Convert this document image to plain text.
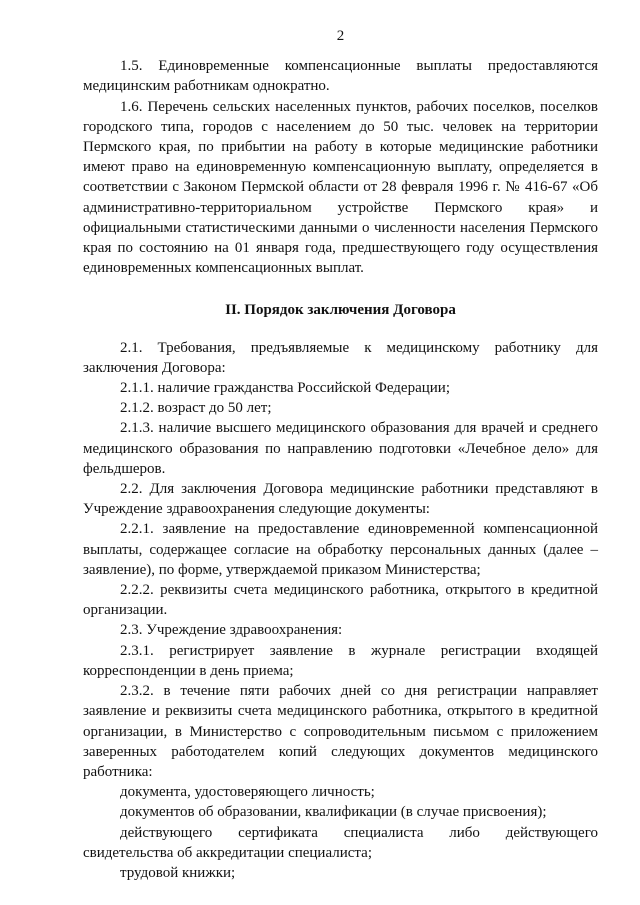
2

1.5. Единовременные компенсационные выплаты предоставляются медицинским работникам однократно.

1.6. Перечень сельских населенных пунктов, рабочих поселков, поселков городского типа, городов с населением до 50 тыс. человек на территории Пермского края, по прибытии на работу в которые медицинские работники имеют право на единовременную компенсационную выплату, определяется в соответствии с Законом Пермской области от 28 февраля 1996 г. № 416-67 «Об административно-территориальном устройстве Пермского края» и официальными статистическими данными о численности населения Пермского края по состоянию на 01 января года, предшествующего году осуществления единовременных компенсационных выплат.

II. Порядок заключения Договора

2.1. Требования, предъявляемые к медицинскому работнику для заключения Договора:

2.1.1. наличие гражданства Российской Федерации;

2.1.2. возраст до 50 лет;

2.1.3. наличие высшего медицинского образования для врачей и среднего медицинского образования по направлению подготовки «Лечебное дело» для фельдшеров.

2.2. Для заключения Договора медицинские работники представляют в Учреждение здравоохранения следующие документы:

2.2.1. заявление на предоставление единовременной компенсационной выплаты, содержащее согласие на обработку персональных данных (далее – заявление), по форме, утверждаемой приказом Министерства;

2.2.2. реквизиты счета медицинского работника, открытого в кредитной организации.

2.3. Учреждение здравоохранения:

2.3.1. регистрирует заявление в журнале регистрации входящей корреспонденции в день приема;

2.3.2. в течение пяти рабочих дней со дня регистрации направляет заявление и реквизиты счета медицинского работника, открытого в кредитной организации, в Министерство с сопроводительным письмом с приложением заверенных работодателем копий следующих документов медицинского работника:

документа, удостоверяющего личность;

документов об образовании, квалификации (в случае присвоения);

действующего сертификата специалиста либо действующего свидетельства об аккредитации специалиста;

трудовой книжки;
